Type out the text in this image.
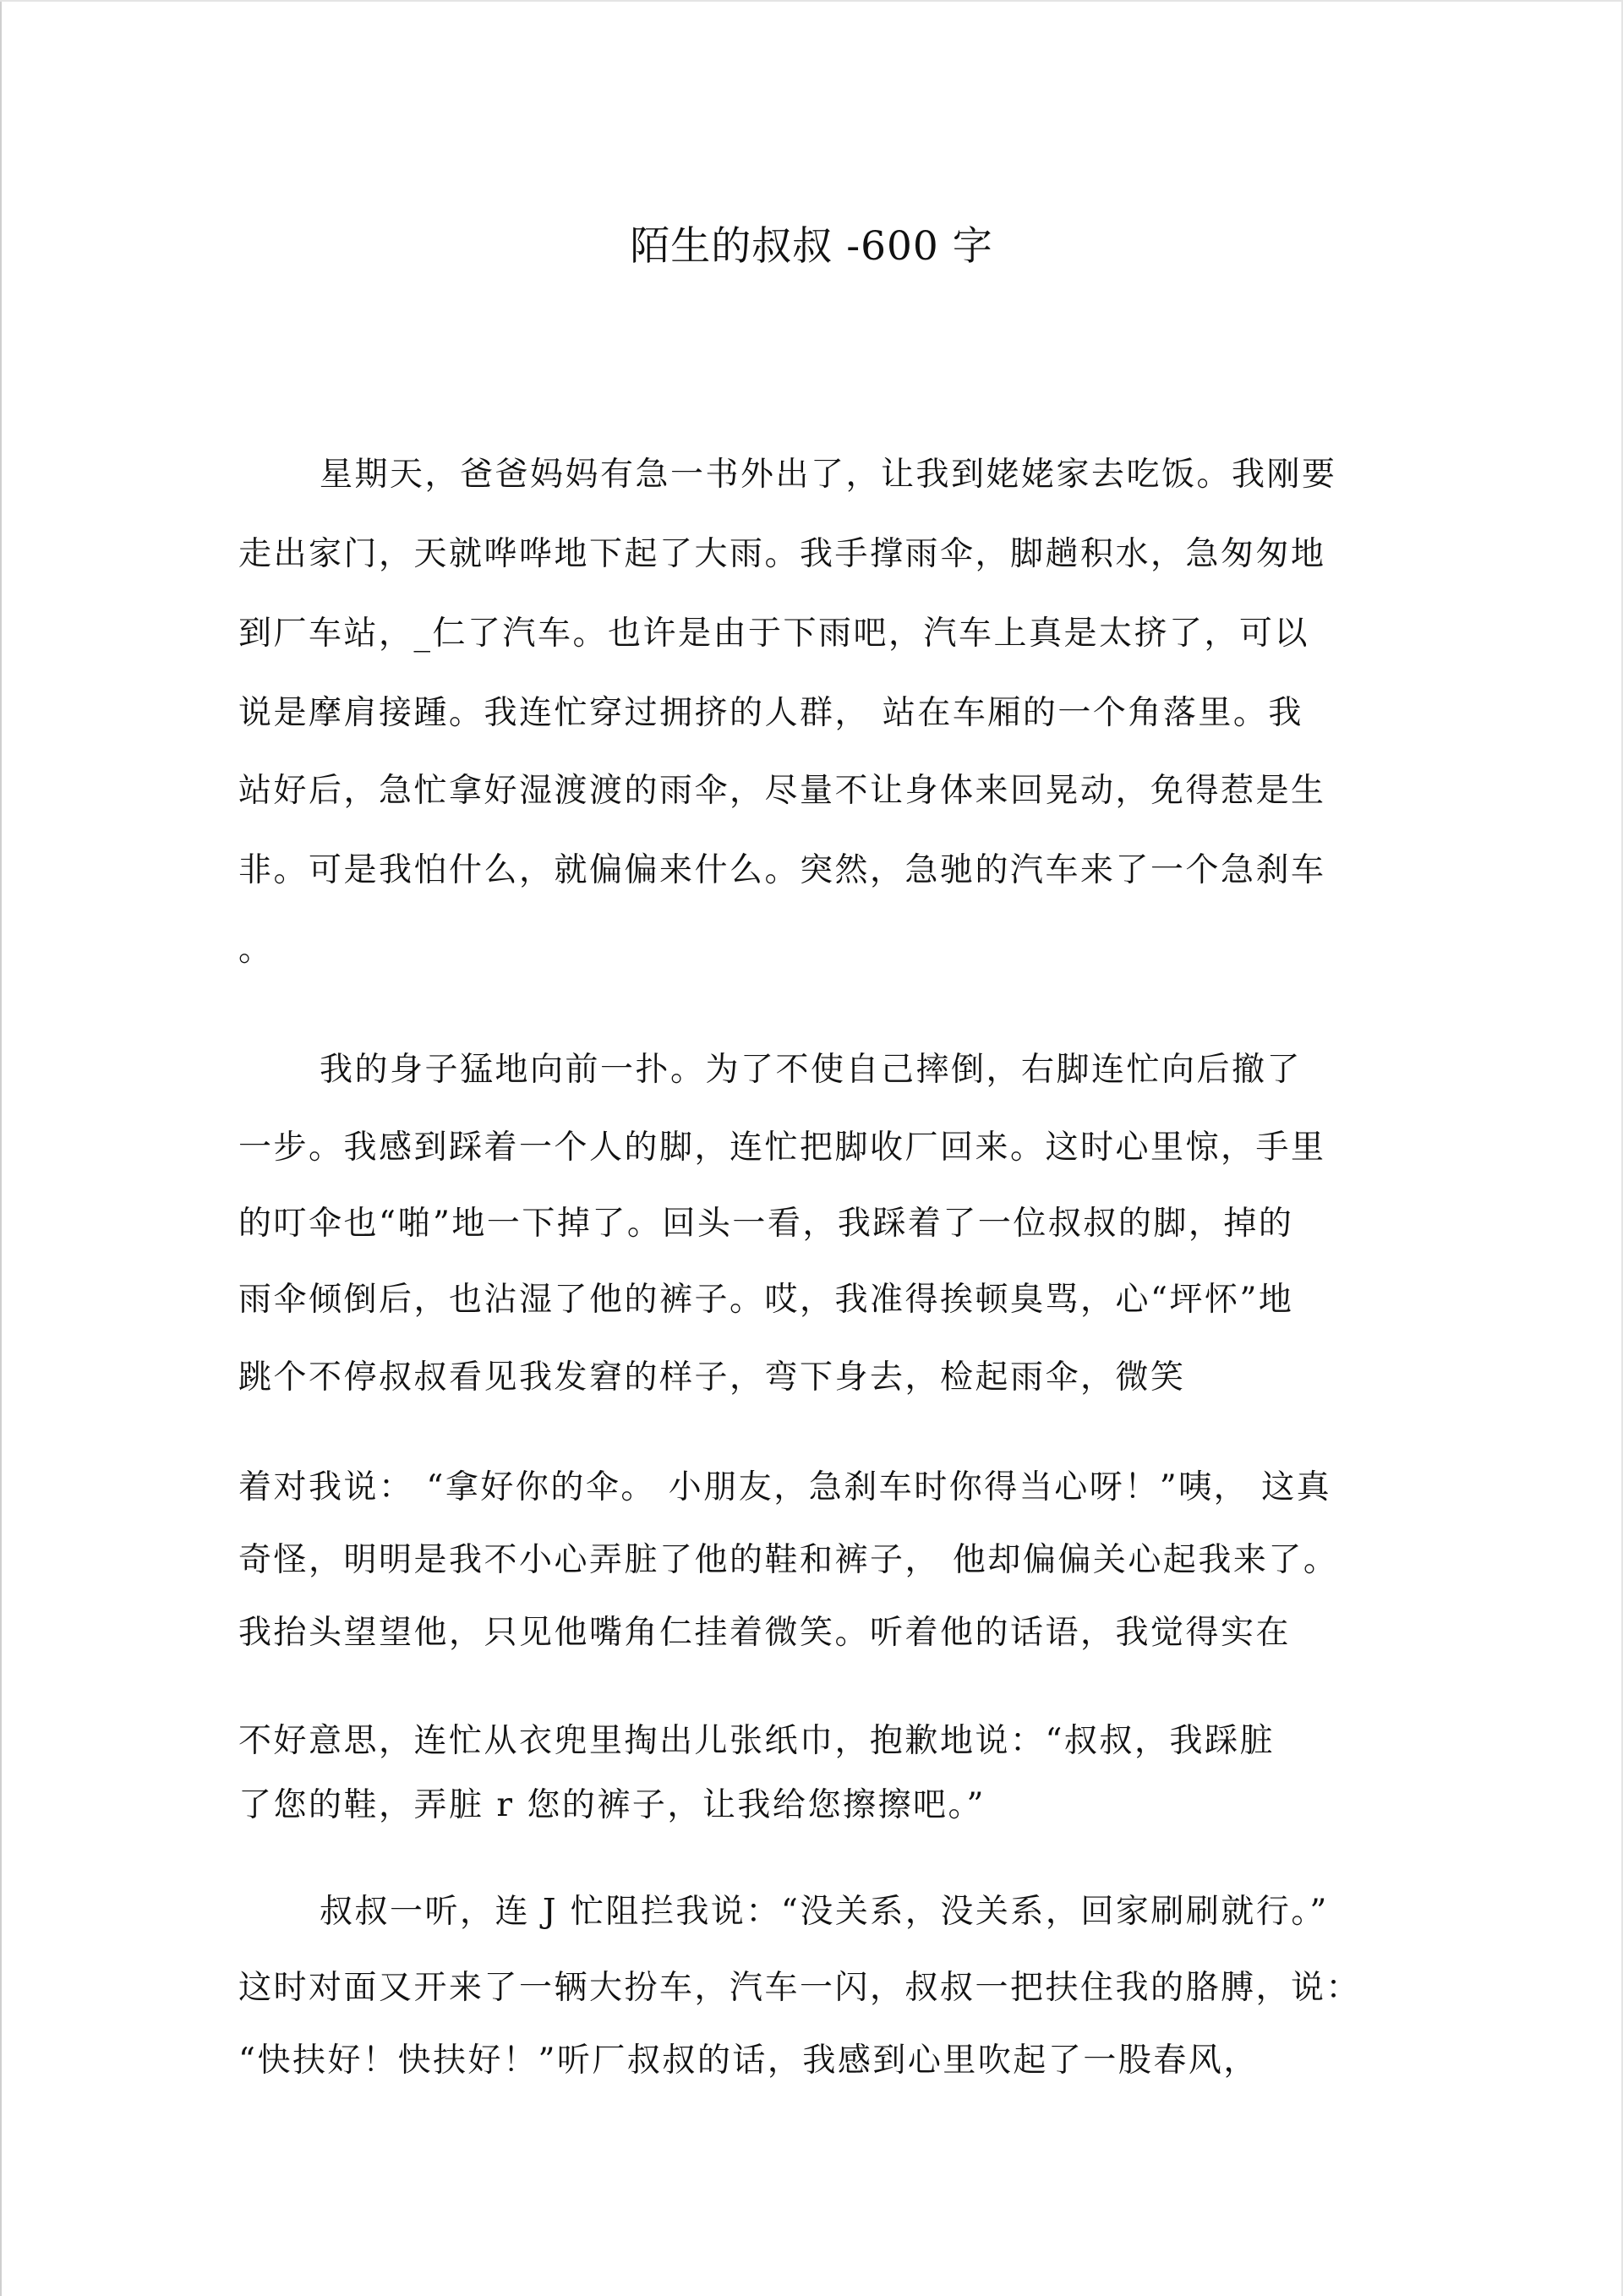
陌生的叔叔 -600 字
星期天，爸爸妈妈有急一书外出了，让我到姥姥家去吃饭。我刚要
走出家门，天就哗哗地下起了大雨。我手撑雨伞，脚趟积水，急匆匆地
到厂车站，_仁了汽车。也许是由于下雨吧，汽车上真是太挤了，可以
说是摩肩接踵。我连忙穿过拥挤的人群， 站在车厢的一个角落里。我
站好后，急忙拿好湿渡渡的雨伞，尽量不让身体来回晃动，免得惹是生
非。可是我怕什么，就偏偏来什么。突然，急驰的汽车来了一个急刹车
。
我的身子猛地向前一扑。为了不使自己摔倒，右脚连忙向后撤了
一步。我感到踩着一个人的脚，连忙把脚收厂回来。这时心里惊，手里
的叮伞也“啪”地一下掉了。回头一看，我踩着了一位叔叔的脚，掉的
雨伞倾倒后，也沾湿了他的裤子。哎，我准得挨顿臭骂，心“坪怀”地
跳个不停叔叔看见我发窘的样子，弯下身去，检起雨伞，微笑
着对我说： “拿好你的伞。 小朋友，急刹车时你得当心呀！”咦， 这真
奇怪，明明是我不小心弄脏了他的鞋和裤子， 他却偏偏关心起我来了。
我抬头望望他，只见他嘴角仁挂着微笑。听着他的话语，我觉得实在
不好意思，连忙从衣兜里掏出儿张纸巾，抱歉地说：“叔叔，我踩脏
了您的鞋，弄脏 r 您的裤子，让我给您擦擦吧。”
叔叔一听，连 J 忙阻拦我说：“没关系，没关系，回家刷刷就行。”
这时对面又开来了一辆大扮车，汽车一闪，叔叔一把扶住我的胳膊，说：
“快扶好！快扶好！”听厂叔叔的话，我感到心里吹起了一股春风，
